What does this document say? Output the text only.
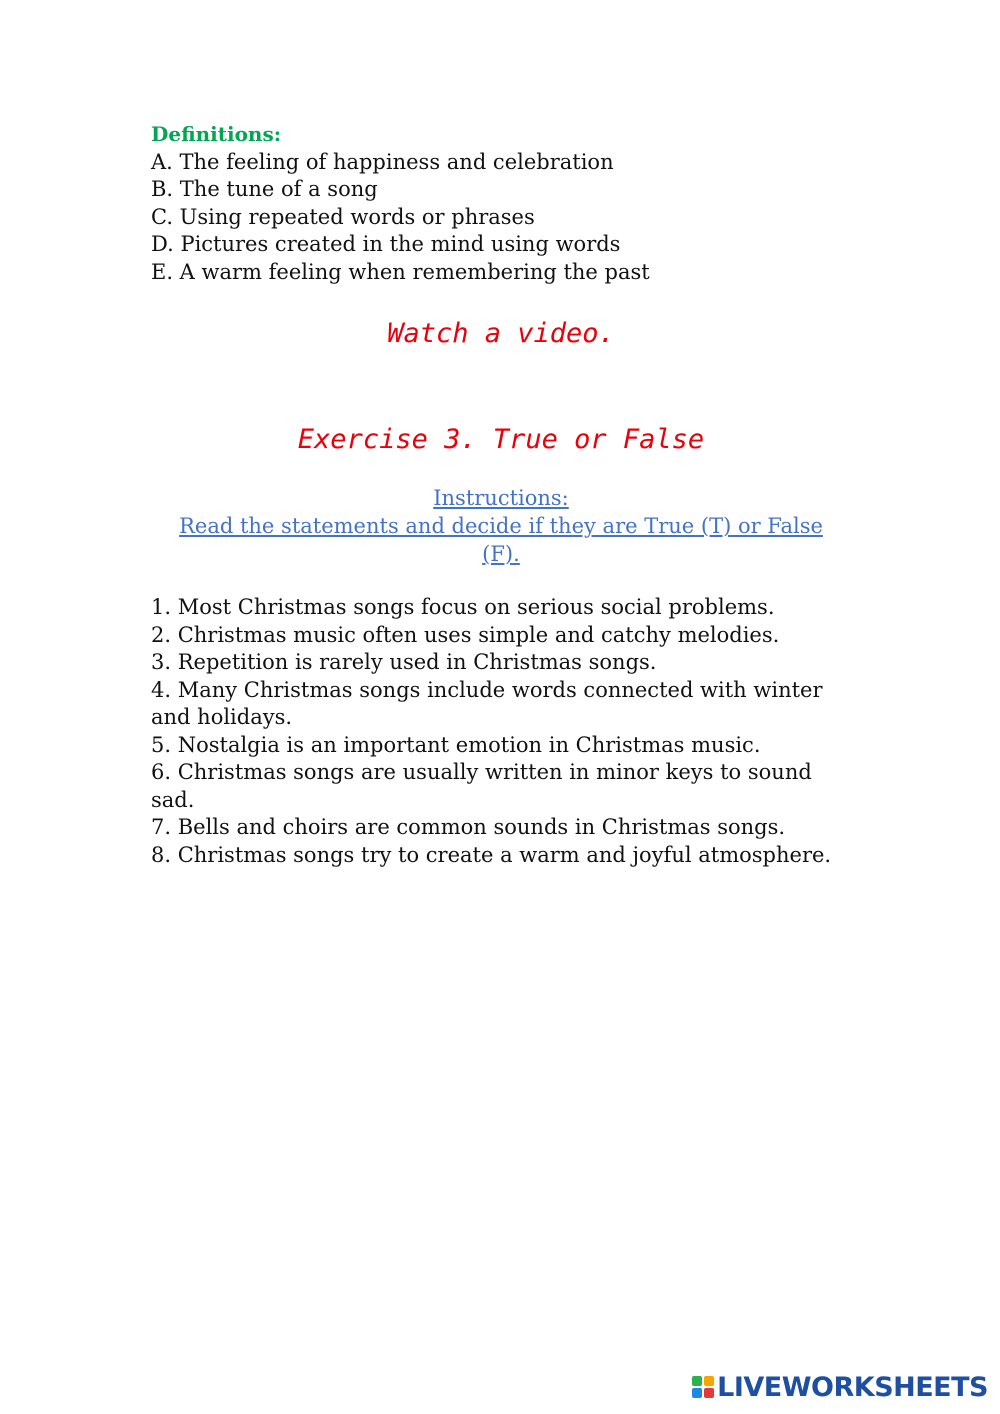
Definitions:
A. The feeling of happiness and celebration
B. The tune of a song
C. Using repeated words or phrases
D. Pictures created in the mind using words
E. A warm feeling when remembering the past
Watch a video.
Exercise 3. True or False
Instructions:
Read the statements and decide if they are True (T) or False
(F).
1. Most Christmas songs focus on serious social problems.
2. Christmas music often uses simple and catchy melodies.
3. Repetition is rarely used in Christmas songs.
4. Many Christmas songs include words connected with winter and holidays.
5. Nostalgia is an important emotion in Christmas music.
6. Christmas songs are usually written in minor keys to sound sad.
7. Bells and choirs are common sounds in Christmas songs.
8. Christmas songs try to create a warm and joyful atmosphere.
LIVEWORKSHEETS
